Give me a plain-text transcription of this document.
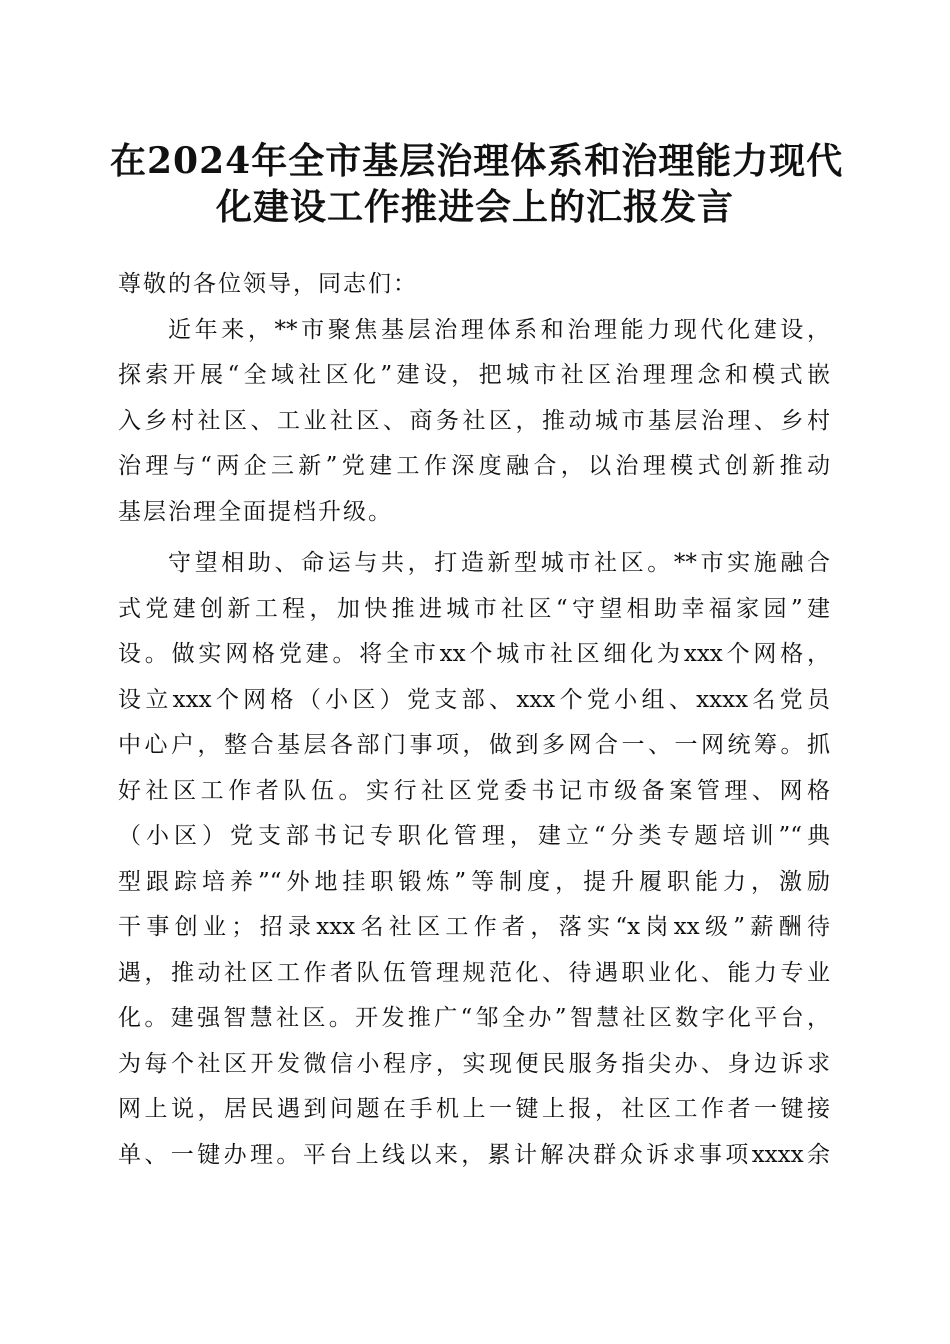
在2024年全市基层治理体系和治理能力现代
化建设工作推进会上的汇报发言
尊敬的各位领导，同志们：
近年来，**市聚焦基层治理体系和治理能力现代化建设，
探索开展“全域社区化”建设，把城市社区治理理念和模式嵌
入乡村社区、工业社区、商务社区，推动城市基层治理、乡村
治理与“两企三新”党建工作深度融合，以治理模式创新推动
基层治理全面提档升级。
守望相助、命运与共，打造新型城市社区。**市实施融合
式党建创新工程，加快推进城市社区“守望相助幸福家园”建
设。做实网格党建。将全市xx个城市社区细化为xxx个网格，
设立xxx个网格（小区）党支部、xxx个党小组、xxxx名党员
中心户，整合基层各部门事项，做到多网合一、一网统筹。抓
好社区工作者队伍。实行社区党委书记市级备案管理、网格
（小区）党支部书记专职化管理，建立“分类专题培训”“典
型跟踪培养”“外地挂职锻炼”等制度，提升履职能力，激励
干事创业；招录xxx名社区工作者，落实“x岗xx级”薪酬待
遇，推动社区工作者队伍管理规范化、待遇职业化、能力专业
化。建强智慧社区。开发推广“邹全办”智慧社区数字化平台，
为每个社区开发微信小程序，实现便民服务指尖办、身边诉求
网上说，居民遇到问题在手机上一键上报，社区工作者一键接
单、一键办理。平台上线以来，累计解决群众诉求事项xxxx余
